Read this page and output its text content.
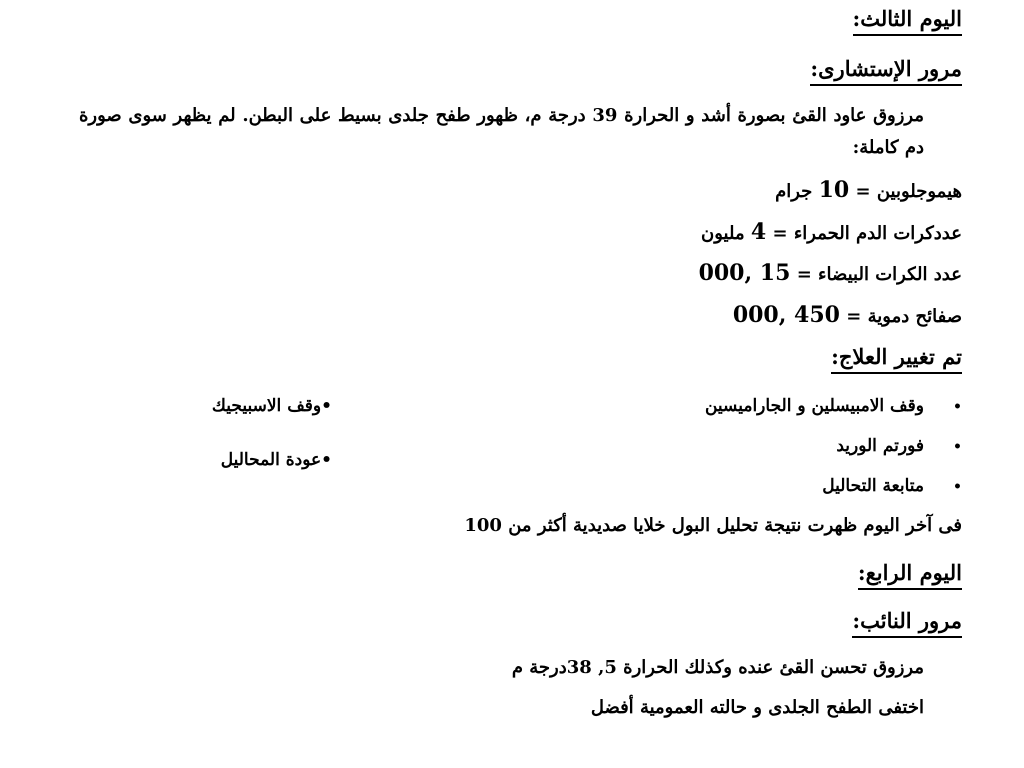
اليوم الثالث:
مرور الإستشارى:
مرزوق عاود القئ بصورة أشد و الحرارة 39 درجة م، ظهور طفح جلدى بسيط على البطن. لم يظهر سوى صورة دم كاملة:
هيموجلوبين = 10 جرام
عددكرات الدم الحمراء = 4 مليون
عدد الكرات البيضاء = 000, 15
صفائح دموية = 000, 450
تم تغيير العلاج:
•وقف الامبيسلين و الجاراميسين
•وقف الاسبيجيك
•فورتم الوريد
•عودة المحاليل
•متابعة التحاليل
فى آخر اليوم ظهرت نتيجة تحليل البول خلايا صديدية أكثر من 100
اليوم الرابع:
مرور النائب:
مرزوق تحسن القئ عنده وكذلك الحرارة 5, 38درجة م
اختفى الطفح الجلدى و حالته العمومية أفضل
